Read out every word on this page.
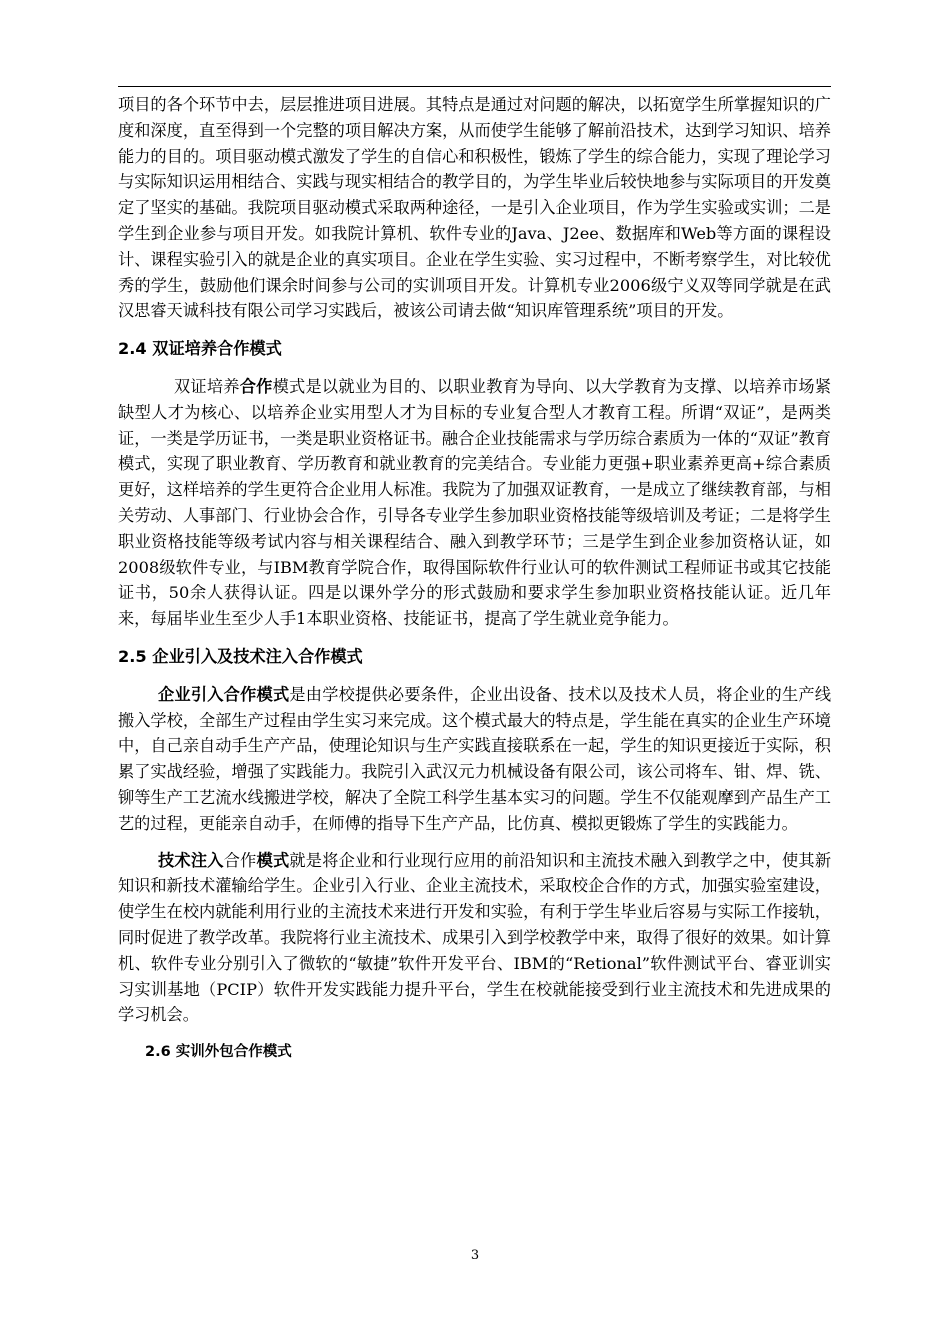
项目的各个环节中去，层层推进项目进展。其特点是通过对问题的解决，以拓宽学生所掌握知识的广度和深度，直至得到一个完整的项目解决方案，从而使学生能够了解前沿技术，达到学习知识、培养能力的目的。项目驱动模式激发了学生的自信心和积极性，锻炼了学生的综合能力，实现了理论学习与实际知识运用相结合、实践与现实相结合的教学目的，为学生毕业后较快地参与实际项目的开发奠定了坚实的基础。我院项目驱动模式采取两种途径，一是引入企业项目，作为学生实验或实训；二是学生到企业参与项目开发。如我院计算机、软件专业的Java、J2ee、数据库和Web等方面的课程设计、课程实验引入的就是企业的真实项目。企业在学生实验、实习过程中，不断考察学生，对比较优秀的学生，鼓励他们课余时间参与公司的实训项目开发。计算机专业2006级宁义双等同学就是在武汉思睿天诚科技有限公司学习实践后，被该公司请去做“知识库管理系统”项目的开发。

2.4 双证培养合作模式

双证培养合作模式是以就业为目的、以职业教育为导向、以大学教育为支撑、以培养市场紧缺型人才为核心、以培养企业实用型人才为目标的专业复合型人才教育工程。所谓“双证”，是两类证，一类是学历证书，一类是职业资格证书。融合企业技能需求与学历综合素质为一体的“双证”教育模式，实现了职业教育、学历教育和就业教育的完美结合。专业能力更强+职业素养更高+综合素质更好，这样培养的学生更符合企业用人标准。我院为了加强双证教育，一是成立了继续教育部，与相关劳动、人事部门、行业协会合作，引导各专业学生参加职业资格技能等级培训及考证；二是将学生职业资格技能等级考试内容与相关课程结合、融入到教学环节；三是学生到企业参加资格认证，如2008级软件专业，与IBM教育学院合作，取得国际软件行业认可的软件测试工程师证书或其它技能证书，50余人获得认证。四是以课外学分的形式鼓励和要求学生参加职业资格技能认证。近几年来，每届毕业生至少人手1本职业资格、技能证书，提高了学生就业竞争能力。

2.5 企业引入及技术注入合作模式

企业引入合作模式是由学校提供必要条件，企业出设备、技术以及技术人员，将企业的生产线搬入学校，全部生产过程由学生实习来完成。这个模式最大的特点是，学生能在真实的企业生产环境中，自己亲自动手生产产品，使理论知识与生产实践直接联系在一起，学生的知识更接近于实际，积累了实战经验，增强了实践能力。我院引入武汉元力机械设备有限公司，该公司将车、钳、焊、铣、铆等生产工艺流水线搬进学校，解决了全院工科学生基本实习的问题。学生不仅能观摩到产品生产工艺的过程，更能亲自动手，在师傅的指导下生产产品，比仿真、模拟更锻炼了学生的实践能力。

技术注入合作模式就是将企业和行业现行应用的前沿知识和主流技术融入到教学之中，使其新知识和新技术灌输给学生。企业引入行业、企业主流技术，采取校企合作的方式，加强实验室建设，使学生在校内就能利用行业的主流技术来进行开发和实验，有利于学生毕业后容易与实际工作接轨，同时促进了教学改革。我院将行业主流技术、成果引入到学校教学中来，取得了很好的效果。如计算机、软件专业分别引入了微软的“敏捷”软件开发平台、IBM的“Retional”软件测试平台、睿亚训实习实训基地（PCIP）软件开发实践能力提升平台，学生在校就能接受到行业主流技术和先进成果的学习机会。

2.6 实训外包合作模式
3
